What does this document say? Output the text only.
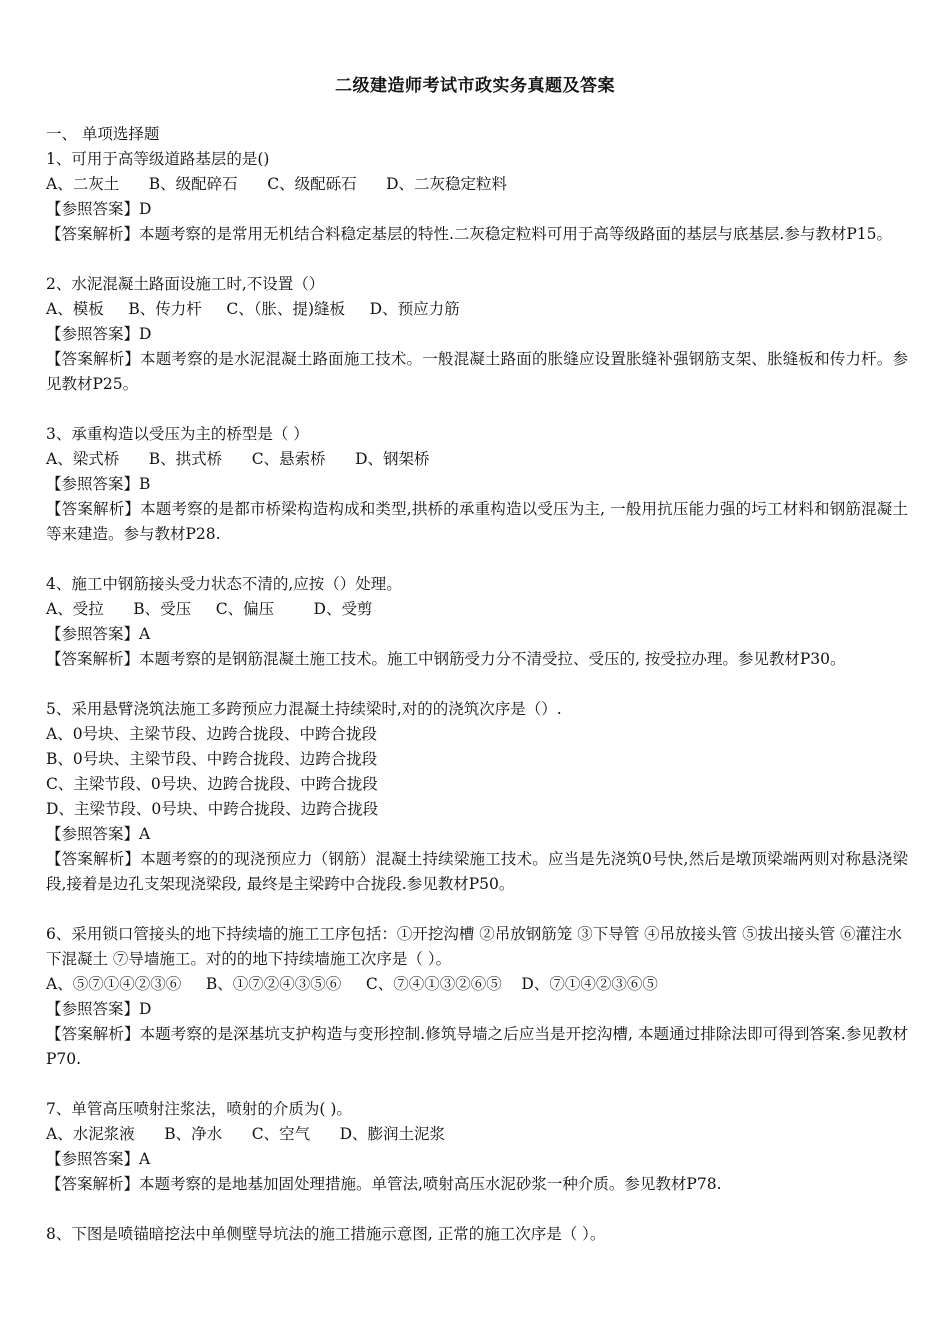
二级建造师考试市政实务真题及答案
一、 单项选择题
1、可用于高等级道路基层的是()
A、二灰土      B、级配碎石      C、级配砾石      D、二灰稳定粒料
【参照答案】D
【答案解析】本题考察的是常用无机结合料稳定基层的特性.二灰稳定粒料可用于高等级路面的基层与底基层.参与教材P15。
2、水泥混凝土路面设施工时,不设置（）
A、模板     B、传力杆     C、（胀、提)缝板     D、预应力筋
【参照答案】D
【答案解析】本题考察的是水泥混凝土路面施工技术。一般混凝土路面的胀缝应设置胀缝补强钢筋支架、胀缝板和传力杆。参见教材P25。
3、承重构造以受压为主的桥型是（ ）
A、梁式桥      B、拱式桥      C、悬索桥      D、钢架桥
【参照答案】B
【答案解析】本题考察的是都市桥梁构造构成和类型,拱桥的承重构造以受压为主, 一般用抗压能力强的圬工材料和钢筋混凝土等来建造。参与教材P28.
4、施工中钢筋接头受力状态不清的,应按（）处理。
A、受拉      B、受压     C、偏压        D、受剪
【参照答案】A
【答案解析】本题考察的是钢筋混凝土施工技术。施工中钢筋受力分不清受拉、受压的, 按受拉办理。参见教材P30。
5、采用悬臂浇筑法施工多跨预应力混凝土持续梁时,对的的浇筑次序是（）.
A、0号块、主梁节段、边跨合拢段、中跨合拢段
B、0号块、主梁节段、中跨合拢段、边跨合拢段
C、主梁节段、0号块、边跨合拢段、中跨合拢段
D、主梁节段、0号块、中跨合拢段、边跨合拢段
【参照答案】A
【答案解析】本题考察的的现浇预应力（钢筋）混凝土持续梁施工技术。应当是先浇筑0号快,然后是墩顶梁端两则对称悬浇梁段,接着是边孔支架现浇梁段, 最终是主梁跨中合拢段.参见教材P50。
6、采用锁口管接头的地下持续墙的施工工序包括：①开挖沟槽 ②吊放钢筋笼 ③下导管 ④吊放接头管 ⑤拔出接头管 ⑥灌注水下混凝土 ⑦导墙施工。对的的地下持续墙施工次序是（ ）。
A、⑤⑦①④②③⑥     B、①⑦②④③⑤⑥     C、⑦④①③②⑥⑤    D、⑦①④②③⑥⑤
【参照答案】D
【答案解析】本题考察的是深基坑支护构造与变形控制.修筑导墙之后应当是开挖沟槽, 本题通过排除法即可得到答案.参见教材P70.
7、单管高压喷射注浆法，喷射的介质为( )。
A、水泥浆液      B、净水      C、空气      D、膨润土泥浆
【参照答案】A
【答案解析】本题考察的是地基加固处理措施。单管法,喷射高压水泥砂浆一种介质。参见教材P78.
8、下图是喷锚暗挖法中单侧壁导坑法的施工措施示意图, 正常的施工次序是（ ）。
